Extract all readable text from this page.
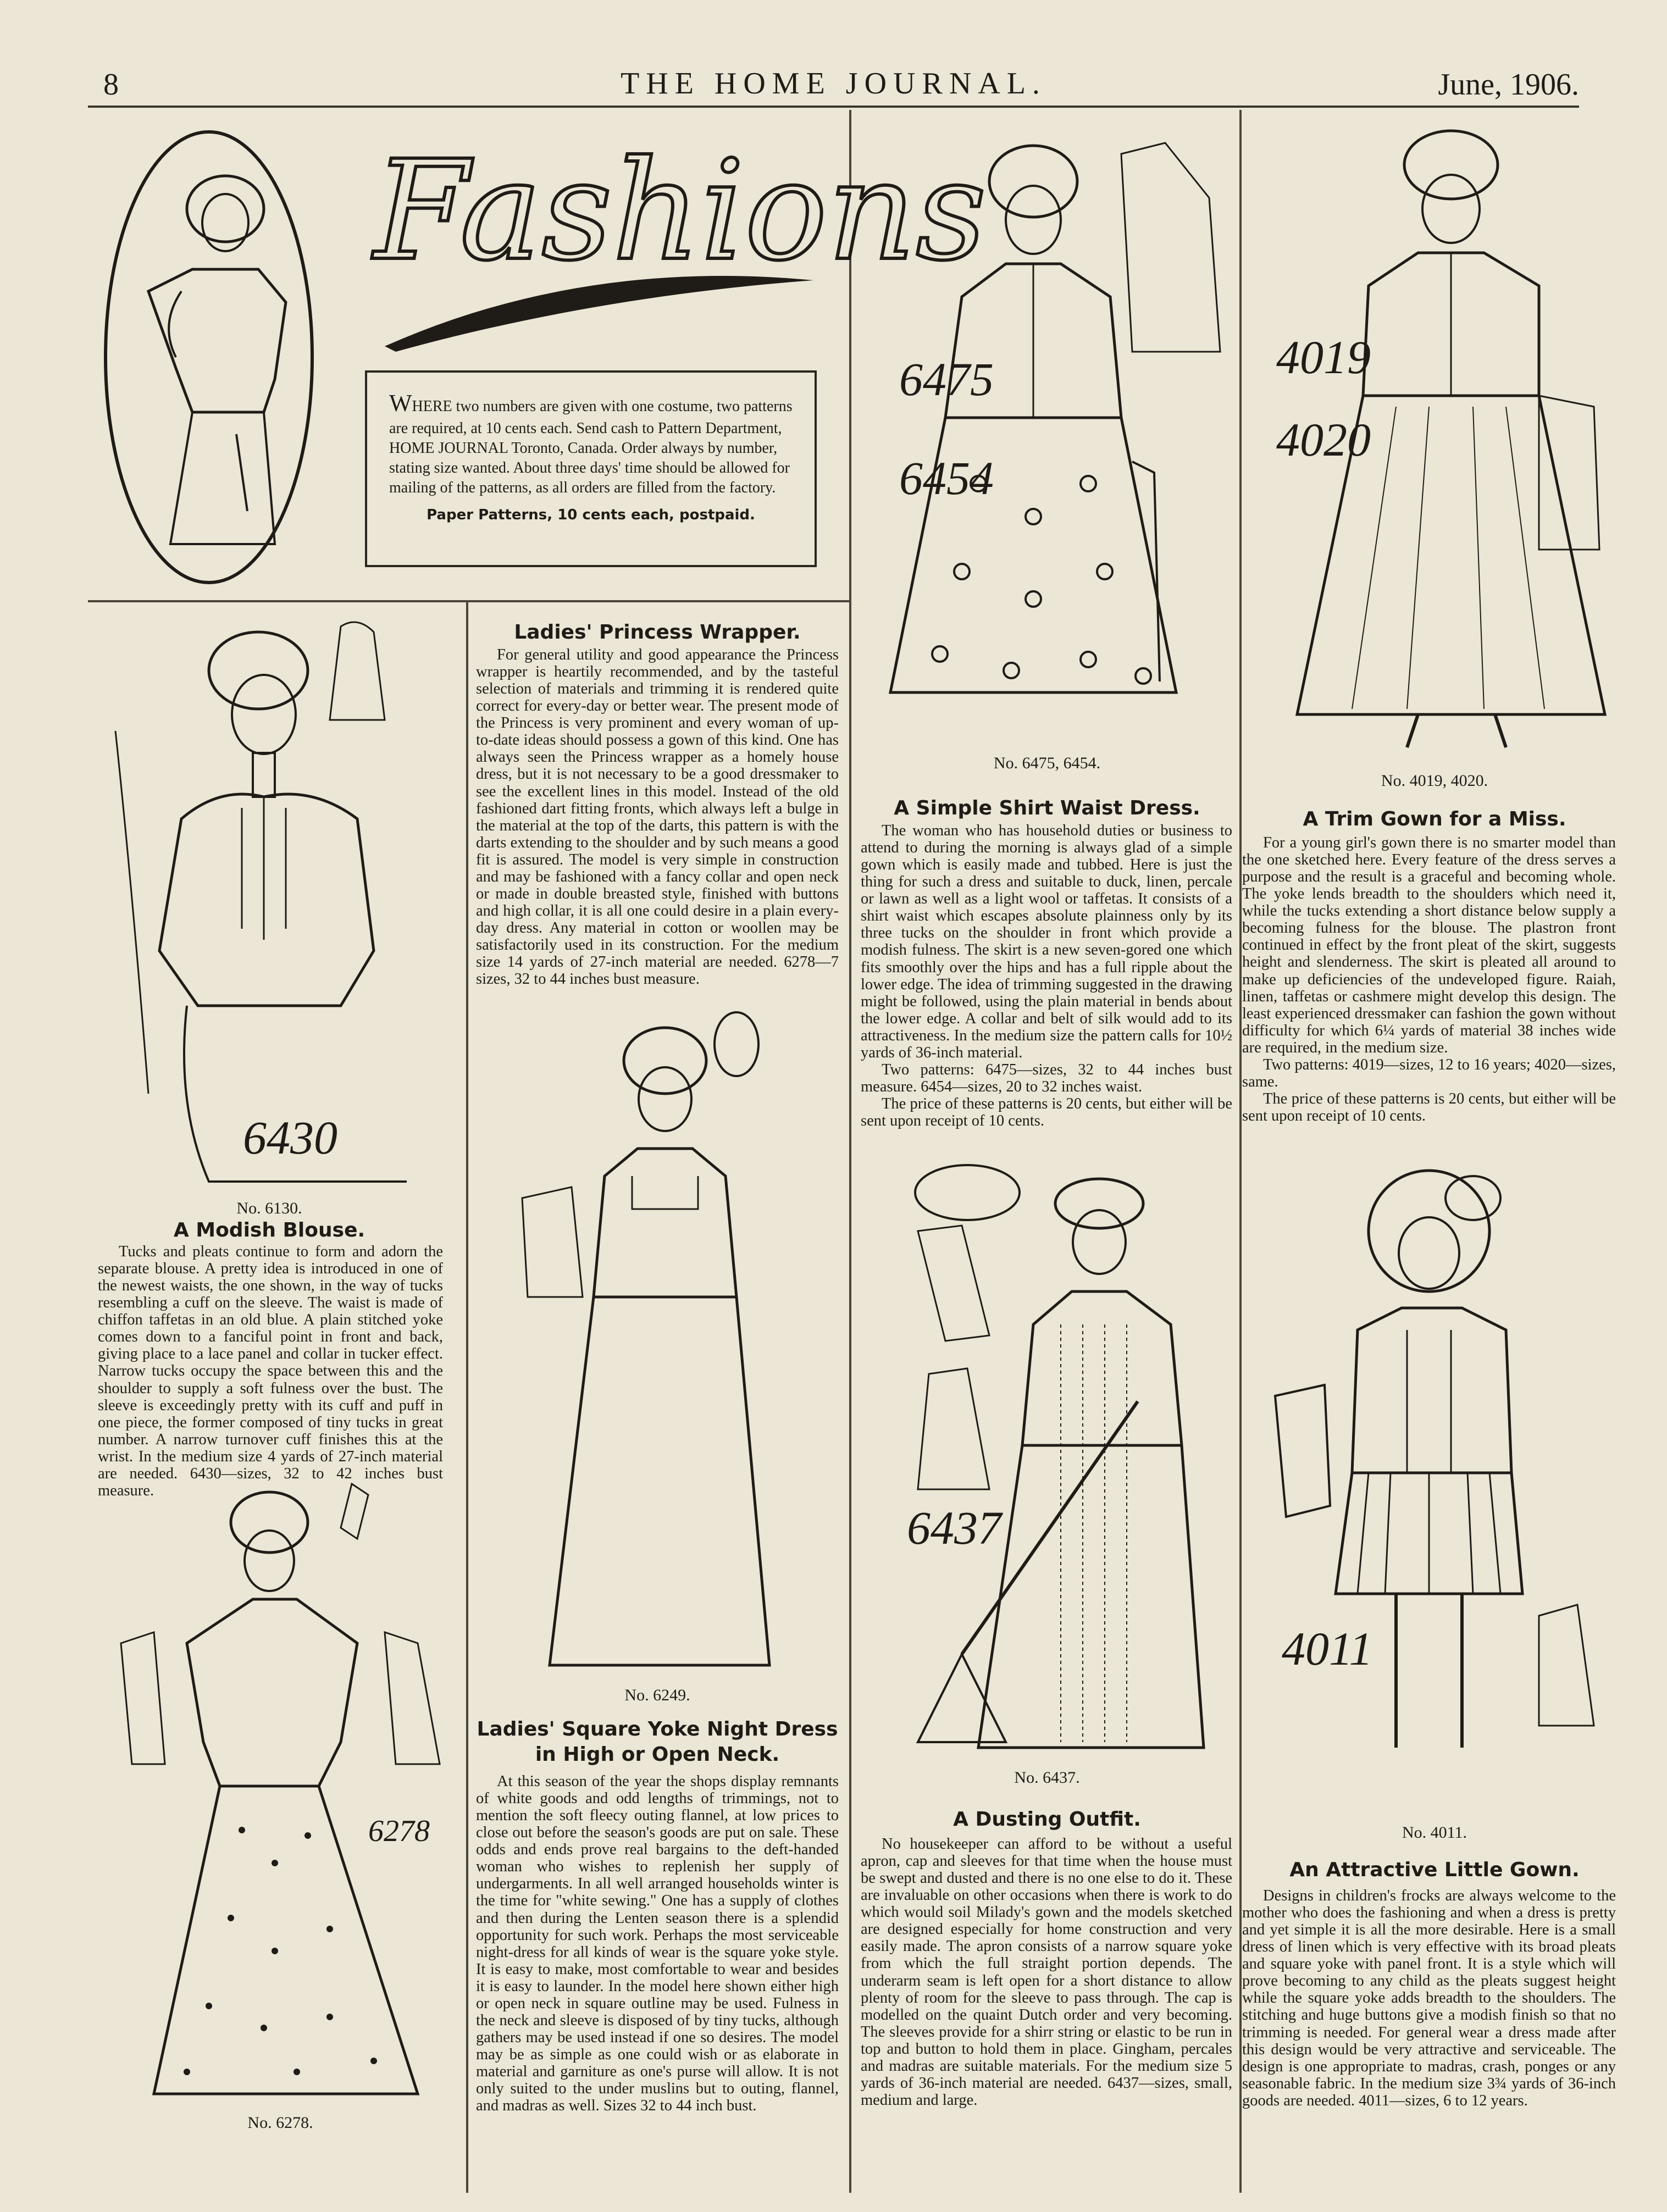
8	THE HOME JOURNAL.	June, 1906.
Fashions

WHERE two numbers are given with one costume, two patterns are required, at 10 cents each. Send cash to Pattern Department, HOME JOURNAL Toronto, Canada. Order always by number, stating size wanted. About three days' time should be allowed for mailing of the patterns, as all orders are filled from the factory.

Paper Patterns, 10 cents each, postpaid.
6430
No. 6130.
A Modish Blouse.

Tucks and pleats continue to form and adorn the separate blouse. A pretty idea is introduced in one of the newest waists, the one shown, in the way of tucks resembling a cuff on the sleeve. The waist is made of chiffon taffetas in an old blue. A plain stitched yoke comes down to a fanciful point in front and back, giving place to a lace panel and collar in tucker effect. Narrow tucks occupy the space between this and the shoulder to supply a soft fulness over the bust. The sleeve is exceedingly pretty with its cuff and puff in one piece, the former composed of tiny tucks in great number. A narrow turnover cuff finishes this at the wrist. In the medium size 4 yards of 27-inch material are needed. 6430—sizes, 32 to 42 inches bust measure.

6278
No. 6278.
Ladies' Princess Wrapper.

For general utility and good appearance the Princess wrapper is heartily recommended, and by the tasteful selection of materials and trimming it is rendered quite correct for every-day or better wear. The present mode of the Princess is very prominent and every woman of up-to-date ideas should possess a gown of this kind. One has always seen the Princess wrapper as a homely house dress, but it is not necessary to be a good dressmaker to see the excellent lines in this model. Instead of the old fashioned dart fitting fronts, which always left a bulge in the material at the top of the darts, this pattern is with the darts extending to the shoulder and by such means a good fit is assured. The model is very simple in construction and may be fashioned with a fancy collar and open neck or made in double breasted style, finished with buttons and high collar, it is all one could desire in a plain every-day dress. Any material in cotton or woollen may be satisfactorily used in its construction. For the medium size 14 yards of 27-inch material are needed. 6278—7 sizes, 32 to 44 inches bust measure.

No. 6249.
Ladies' Square Yoke Night Dress
in High or Open Neck.

At this season of the year the shops display remnants of white goods and odd lengths of trimmings, not to mention the soft fleecy outing flannel, at low prices to close out before the season's goods are put on sale. These odds and ends prove real bargains to the deft-handed woman who wishes to replenish her supply of undergarments. In all well arranged households winter is the time for "white sewing." One has a supply of clothes and then during the Lenten season there is a splendid opportunity for such work. Perhaps the most serviceable night-dress for all kinds of wear is the square yoke style. It is easy to make, most comfortable to wear and besides it is easy to launder. In the model here shown either high or open neck in square outline may be used. Fulness in the neck and sleeve is disposed of by tiny tucks, although gathers may be used instead if one so desires. The model may be as simple as one could wish or as elaborate in material and garniture as one's purse will allow. It is not only suited to the under muslins but to outing, flannel, and madras as well. Sizes 32 to 44 inch bust.

6475
6454
No. 6475, 6454.
A Simple Shirt Waist Dress.

The woman who has household duties or business to attend to during the morning is always glad of a simple gown which is easily made and tubbed. Here is just the thing for such a dress and suitable to duck, linen, percale or lawn as well as a light wool or taffetas. It consists of a shirt waist which escapes absolute plainness only by its three tucks on the shoulder in front which provide a modish fulness. The skirt is a new seven-gored one which fits smoothly over the hips and has a full ripple about the lower edge. The idea of trimming suggested in the drawing might be followed, using the plain material in bends about the lower edge. A collar and belt of silk would add to its attractiveness. In the medium size the pattern calls for 10½ yards of 36-inch material.

Two patterns: 6475—sizes, 32 to 44 inches bust measure. 6454—sizes, 20 to 32 inches waist.

The price of these patterns is 20 cents, but either will be sent upon receipt of 10 cents.

6437
No. 6437.
A Dusting Outfit.

No housekeeper can afford to be without a useful apron, cap and sleeves for that time when the house must be swept and dusted and there is no one else to do it. These are invaluable on other occasions when there is work to do which would soil Milady's gown and the models sketched are designed especially for home construction and very easily made. The apron consists of a narrow square yoke from which the full straight portion depends. The underarm seam is left open for a short distance to allow plenty of room for the sleeve to pass through. The cap is modelled on the quaint Dutch order and very becoming. The sleeves provide for a shirr string or elastic to be run in top and button to hold them in place. Gingham, percales and madras are suitable materials. For the medium size 5 yards of 36-inch material are needed. 6437—sizes, small, medium and large.

4019
4020
No. 4019, 4020.
A Trim Gown for a Miss.

For a young girl's gown there is no smarter model than the one sketched here. Every feature of the dress serves a purpose and the result is a graceful and becoming whole. The yoke lends breadth to the shoulders which need it, while the tucks extending a short distance below supply a becoming fulness for the blouse. The plastron front continued in effect by the front pleat of the skirt, suggests height and slenderness. The skirt is pleated all around to make up deficiencies of the undeveloped figure. Raiah, linen, taffetas or cashmere might develop this design. The least experienced dressmaker can fashion the gown without difficulty for which 6¼ yards of material 38 inches wide are required, in the medium size.

Two patterns: 4019—sizes, 12 to 16 years; 4020—sizes, same.

The price of these patterns is 20 cents, but either will be sent upon receipt of 10 cents.

4011
No. 4011.
An Attractive Little Gown.

Designs in children's frocks are always welcome to the mother who does the fashioning and when a dress is pretty and yet simple it is all the more desirable. Here is a small dress of linen which is very effective with its broad pleats and square yoke with panel front. It is a style which will prove becoming to any child as the pleats suggest height while the square yoke adds breadth to the shoulders. The stitching and huge buttons give a modish finish so that no trimming is needed. For general wear a dress made after this design would be very attractive and serviceable. The design is one appropriate to madras, crash, ponges or any seasonable fabric. In the medium size 3¾ yards of 36-inch goods are needed. 4011—sizes, 6 to 12 years.
